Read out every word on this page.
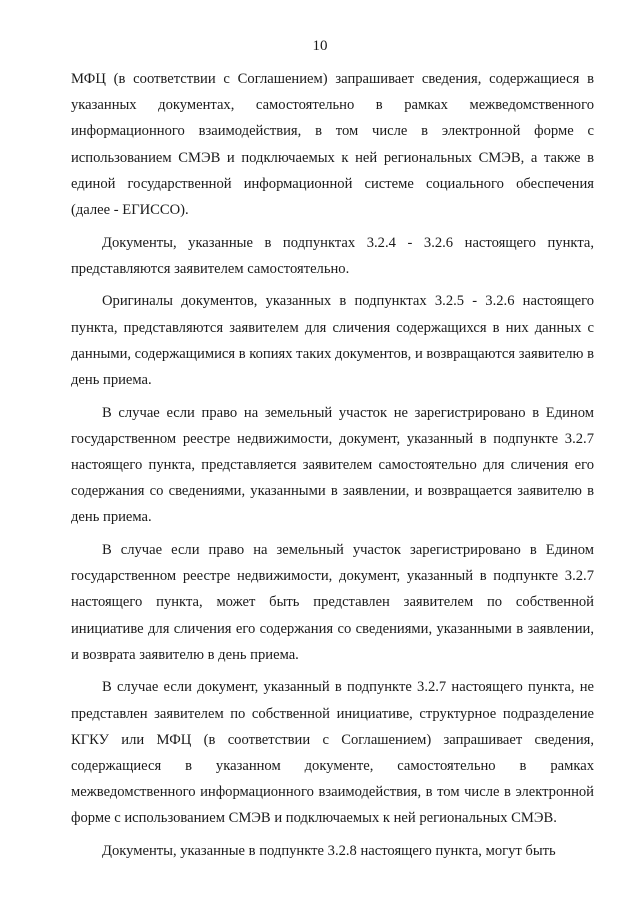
10

МФЦ (в соответствии с Соглашением) запрашивает сведения, содержащиеся в указанных документах, самостоятельно в рамках межведомственного информационного взаимодействия, в том числе в электронной форме с использованием СМЭВ и подключаемых к ней региональных СМЭВ, а также в единой государственной информационной системе социального обеспечения (далее - ЕГИССО).

Документы, указанные в подпунктах 3.2.4 - 3.2.6 настоящего пункта, представляются заявителем самостоятельно.

Оригиналы документов, указанных в подпунктах 3.2.5 - 3.2.6 настоящего пункта, представляются заявителем для сличения содержащихся в них данных с данными, содержащимися в копиях таких документов, и возвращаются заявителю в день приема.

В случае если право на земельный участок не зарегистрировано в Едином государственном реестре недвижимости, документ, указанный в подпункте 3.2.7 настоящего пункта, представляется заявителем самостоятельно для сличения его содержания со сведениями, указанными в заявлении, и возвращается заявителю в день приема.

В случае если право на земельный участок зарегистрировано в Едином государственном реестре недвижимости, документ, указанный в подпункте 3.2.7 настоящего пункта, может быть представлен заявителем по собственной инициативе для сличения его содержания со сведениями, указанными в заявлении, и возврата заявителю в день приема.

В случае если документ, указанный в подпункте 3.2.7 настоящего пункта, не представлен заявителем по собственной инициативе, структурное подразделение КГКУ или МФЦ (в соответствии с Соглашением) запрашивает сведения, содержащиеся в указанном документе, самостоятельно в рамках межведомственного информационного взаимодействия, в том числе в электронной форме с использованием СМЭВ и подключаемых к ней региональных СМЭВ.

Документы, указанные в подпункте 3.2.8 настоящего пункта, могут быть
